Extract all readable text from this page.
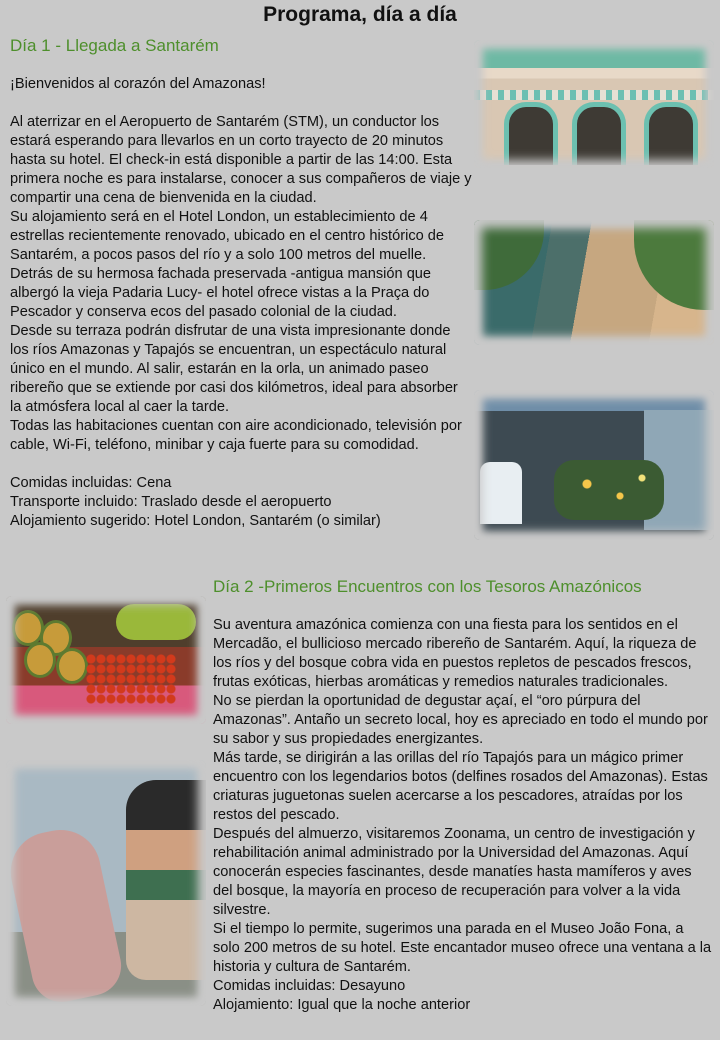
Programa, día a día
Día 1 - Llegada a Santarém

¡Bienvenidos al corazón del Amazonas!

Al aterrizar en el Aeropuerto de Santarém (STM), un conductor los estará esperando para llevarlos en un corto trayecto de 20 minutos hasta su hotel. El check-in está disponible a partir de las 14:00. Esta primera noche es para instalarse, conocer a sus compañeros de viaje y compartir una cena de bienvenida en la ciudad.

Su alojamiento será en el Hotel London, un establecimiento de 4 estrellas recientemente renovado, ubicado en el centro histórico de Santarém, a pocos pasos del río y a solo 100 metros del muelle. Detrás de su hermosa fachada preservada -antigua mansión que albergó la vieja Padaria Lucy- el hotel ofrece vistas a la Praça do Pescador y conserva ecos del pasado colonial de la ciudad.

Desde su terraza podrán disfrutar de una vista impresionante donde los ríos Amazonas y Tapajós se encuentran, un espectáculo natural único en el mundo. Al salir, estarán en la orla, un animado paseo ribereño que se extiende por casi dos kilómetros, ideal para absorber la atmósfera local al caer la tarde.

Todas las habitaciones cuentan con aire acondicionado, televisión por cable, Wi-Fi, teléfono, minibar y caja fuerte para su comodidad.

Comidas incluidas: Cena

Transporte incluido: Traslado desde el aeropuerto

Alojamiento sugerido: Hotel London, Santarém (o similar)

Día 2 -Primeros Encuentros con los Tesoros Amazónicos

Su aventura amazónica comienza con una fiesta para los sentidos en el Mercadão, el bullicioso mercado ribereño de Santarém. Aquí, la riqueza de los ríos y del bosque cobra vida en puestos repletos de pescados frescos, frutas exóticas, hierbas aromáticas y remedios naturales tradicionales.

No se pierdan la oportunidad de degustar açaí, el “oro púrpura del Amazonas”. Antaño un secreto local, hoy es apreciado en todo el mundo por su sabor y sus propiedades energizantes.

Más tarde, se dirigirán a las orillas del río Tapajós para un mágico primer encuentro con los legendarios botos (delfines rosados del Amazonas). Estas criaturas juguetonas suelen acercarse a los pescadores, atraídas por los restos del pescado.

Después del almuerzo, visitaremos Zoonama, un centro de investigación y rehabilitación animal administrado por la Universidad del Amazonas. Aquí conocerán especies fascinantes, desde manatíes hasta mamíferos y aves del bosque, la mayoría en proceso de recuperación para volver a la vida silvestre.

Si el tiempo lo permite, sugerimos una parada en el Museo João Fona, a solo 200 metros de su hotel. Este encantador museo ofrece una ventana a la historia y cultura de Santarém.

Comidas incluidas: Desayuno

Alojamiento: Igual que la noche anterior
